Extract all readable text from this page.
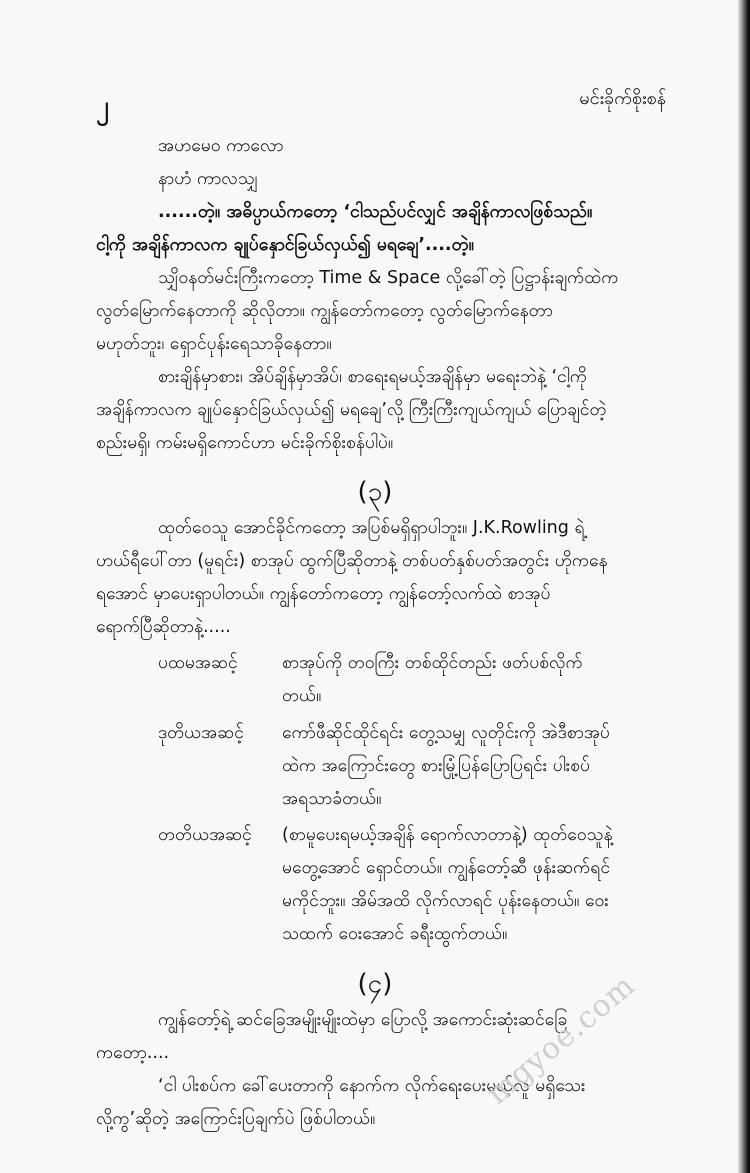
၂	မင်းခိုက်စိုးစန်
အဟမေဝ ကာလော
နာပာံ ကာလသျှ
......တဲ့။ အဓိပ္ပာယ်ကတော့ ‘ငါသည်ပင်လျှင် အချိန်ကာလဖြစ်သည်။
ငါ့ကို အချိန်ကာလက ချုပ်နှောင်ခြယ်လှယ်၍ မရချေ’....တဲ့။
သျှိဝနတ်မင်းကြီးကတော့ Time & Space လို့ခေါ်တဲ့ ပြဋ္ဌာန်းချက်ထဲက
လွတ်မြောက်နေတာကို ဆိုလိုတာ။ ကျွန်တော်ကတော့ လွတ်မြောက်နေတာ
မဟုတ်ဘူး၊ ရှောင်ပုန်းရေသာခိုနေတာ။
စားချိန်မှာစား၊ အိပ်ချိန်မှာအိပ်၊ စာရေးရမယ့်အချိန်မှာ မရေးဘဲနဲ့ ‘ငါ့ကို
အချိန်ကာလက ချုပ်နှောင်ခြယ်လှယ်၍ မရချေ’လို့ ကြီးကြီးကျယ်ကျယ် ပြောချင်တဲ့
စည်းမရှိ၊ ကမ်းမရှိကောင်ဟာ မင်းခိုက်စိုးစန်ပါပဲ။
(၃)
ထုတ်ဝေသူ အောင်ခိုင်ကတော့ အပြစ်မရှိရှာပါဘူး။ J.K.Rowling ရဲ့
ဟယ်ရီပေါ်တာ (မူရင်း) စာအုပ် ထွက်ပြီဆိုတာနဲ့ တစ်ပတ်နှစ်ပတ်အတွင်း ဟိုကနေ
ရအောင် မှာပေးရှာပါတယ်။ ကျွန်တော်ကတော့ ကျွန်တော့်လက်ထဲ စာအုပ်
ရောက်ပြီဆိုတာနဲ့.....
ပထမအဆင့်	စာအုပ်ကို တဝကြီး တစ်ထိုင်တည်း ဖတ်ပစ်လိုက်
တယ်။
ဒုတိယအဆင့် ကော်ဖီဆိုင်ထိုင်ရင်း တွေ့သမျှ လူတိုင်းကို အဲဒီစာအုပ်
ထဲက အကြောင်းတွေ စားမြုံ့ပြန်ပြောပြရင်း ပါးစပ်
အရသာခံတယ်။
တတိယအဆင့် (စာမူပေးရမယ့်အချိန် ရောက်လာတာနဲ့) ထုတ်ဝေသူနဲ့
မတွေ့အောင် ရှောင်တယ်။ ကျွန်တော့်ဆီ ဖုန်းဆက်ရင်
မကိုင်ဘူး။ အိမ်အထိ လိုက်လာရင် ပုန်းနေတယ်။ ဝေး
သထက် ဝေးအောင် ခရီးထွက်တယ်။
(၄)
ကျွန်တော့်ရဲ့ ဆင်ခြေအမျိုးမျိုးထဲမှာ ပြောလို့ အကောင်းဆုံးဆင်ခြေ
ကတော့....
‘ငါ ပါးစပ်က ခေါ်ပေးတာကို နောက်က လိုက်ရေးပေးမယ့်လူ မရှိသေး
လို့ကွ’ဆိုတဲ့ အကြောင်းပြချက်ပဲ ဖြစ်ပါတယ်။
mgyoe.com
